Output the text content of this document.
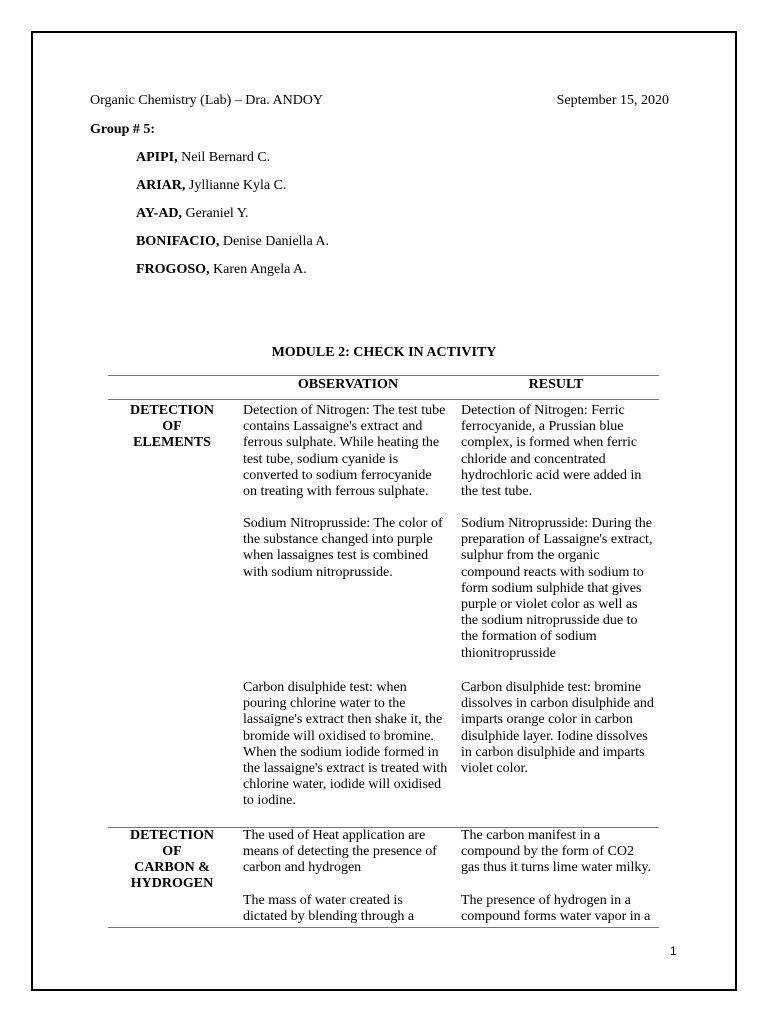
Organic Chemistry (Lab) – Dra. ANDOY	September 15, 2020
Group # 5:
APIPI, Neil Bernard C.
ARIAR, Jyllianne Kyla C.
AY-AD, Geraniel Y.
BONIFACIO, Denise Daniella A.
FROGOSO, Karen Angela A.
MODULE 2: CHECK IN ACTIVITY
OBSERVATION	RESULT
DETECTION
OF
ELEMENTS
Detection of Nitrogen: The test tube
contains Lassaigne's extract and
ferrous sulphate. While heating the
test tube, sodium cyanide is
converted to sodium ferrocyanide
on treating with ferrous sulphate.
Detection of Nitrogen: Ferric
ferrocyanide, a Prussian blue
complex, is formed when ferric
chloride and concentrated
hydrochloric acid were added in
the test tube.
Sodium Nitroprusside: The color of
the substance changed into purple
when lassaignes test is combined
with sodium nitroprusside.
Sodium Nitroprusside: During the
preparation of Lassaigne's extract,
sulphur from the organic
compound reacts with sodium to
form sodium sulphide that gives
purple or violet color as well as
the sodium nitroprusside due to
the formation of sodium
thionitroprusside
Carbon disulphide test: when
pouring chlorine water to the
lassaigne's extract then shake it, the
bromide will oxidised to bromine.
When the sodium iodide formed in
the lassaigne's extract is treated with
chlorine water, iodide will oxidised
to iodine.
Carbon disulphide test: bromine
dissolves in carbon disulphide and
imparts orange color in carbon
disulphide layer. Iodine dissolves
in carbon disulphide and imparts
violet color.
DETECTION
OF
CARBON &
HYDROGEN
The used of Heat application are
means of detecting the presence of
carbon and hydrogen
The carbon manifest in a
compound by the form of CO2
gas thus it turns lime water milky.
The mass of water created is
dictated by blending through a
The presence of hydrogen in a
compound forms water vapor in a
1
